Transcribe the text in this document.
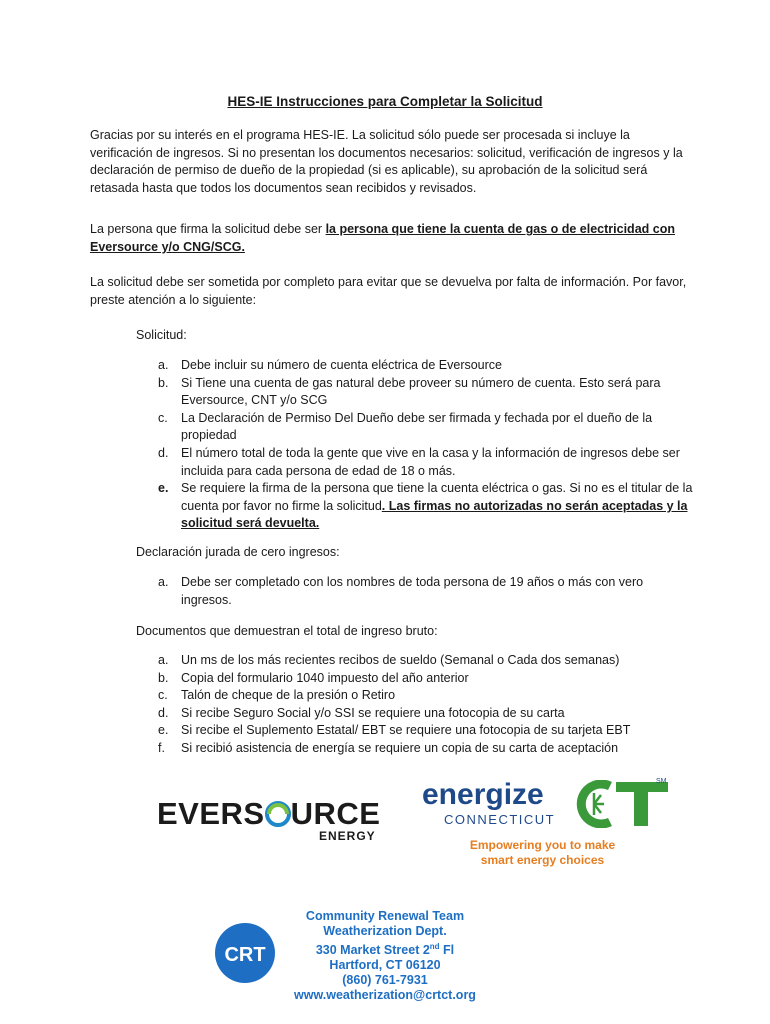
HES-IE Instrucciones para Completar la Solicitud
Gracias por su interés en el programa HES-IE. La solicitud sólo puede ser procesada si incluye la verificación de ingresos. Si no presentan los documentos necesarios: solicitud, verificación de ingresos y la declaración de permiso de dueño de la propiedad (si es aplicable), su aprobación de la solicitud será retasada hasta que todos los documentos sean recibidos y revisados.
La persona que firma la solicitud debe ser la persona que tiene la cuenta de gas o de electricidad con Eversource y/o CNG/SCG.
La solicitud debe ser sometida por completo para evitar que se devuelva por falta de información. Por favor, preste atención a lo siguiente:
Solicitud:
a. Debe incluir su número de cuenta eléctrica de Eversource
b. Si Tiene una cuenta de gas natural debe proveer su número de cuenta. Esto será para Eversource, CNT y/o SCG
c. La Declaración de Permiso Del Dueño debe ser firmada y fechada por el dueño de la propiedad
d. El número total de toda la gente que vive en la casa y la información de ingresos debe ser incluida para cada persona de edad de 18 o más.
e. Se requiere la firma de la persona que tiene la cuenta eléctrica o gas. Si no es el titular de la cuenta por favor no firme la solicitud. Las firmas no autorizadas no serán aceptadas y la solicitud será devuelta.
Declaración jurada de cero ingresos:
a. Debe ser completado con los nombres de toda persona de 19 años o más con vero ingresos.
Documentos que demuestran el total de ingreso bruto:
a. Un ms de los más recientes recibos de sueldo (Semanal o Cada dos semanas)
b. Copia del formulario 1040 impuesto del año anterior
c. Talón de cheque de la presión o Retiro
d. Si recibe Seguro Social y/o SSI se requiere una fotocopia de su carta
e. Si recibe el Suplemento Estatal/ EBT se requiere una fotocopia de su tarjeta EBT
f. Si recibió asistencia de energía se requiere un copia de su carta de aceptación
EVERS URCE
ENERGY
energize	SM
CONNECTICUT
Empowering you to make
smart energy choices
CRT
Community Renewal Team
Weatherization Dept.
330 Market Street 2nd Fl
Hartford, CT 06120
(860) 761-7931
www.weatherization@crtct.org
